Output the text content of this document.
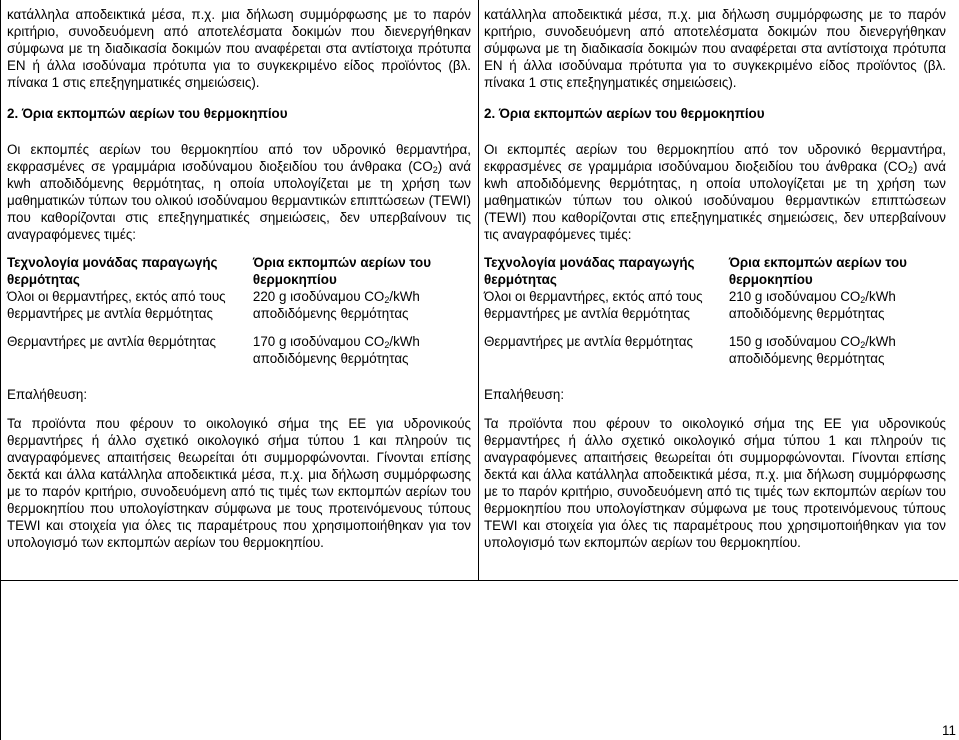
κατάλληλα αποδεικτικά μέσα, π.χ. μια δήλωση συμμόρφωσης με το παρόν κριτήριο, συνοδευόμενη από αποτελέσματα δοκιμών που διενεργήθηκαν σύμφωνα με τη διαδικασία δοκιμών που αναφέρεται στα αντίστοιχα πρότυπα EN ή άλλα ισοδύναμα πρότυπα για το συγκεκριμένο είδος προϊόντος (βλ. πίνακα 1 στις επεξηγηματικές σημειώσεις).

2. Όρια εκπομπών αερίων του θερμοκηπίου

Οι εκπομπές αερίων του θερμοκηπίου από τον υδρονικό θερμαντήρα, εκφρασμένες σε γραμμάρια ισοδύναμου διοξειδίου του άνθρακα $(CO_2)$ ανά kwh αποδιδόμενης θερμότητας, η οποία υπολογίζεται με τη χρήση των μαθηματικών τύπων του ολικού ισοδύναμου θερμαντικών επιπτώσεων (TEWI) που καθορίζονται στις επεξηγηματικές σημειώσεις, δεν υπερβαίνουν τις αναγραφόμενες τιμές:

Τεχνολογία μονάδας παραγωγής θερμότητας	Όρια εκπομπών αερίων του θερμοκηπίου
Όλοι οι θερμαντήρες, εκτός από τους θερμαντήρες με αντλία θερμότητας	220 g ισοδύναμου $CO_2$/kWh αποδιδόμενης θερμότητας
Θερμαντήρες με αντλία θερμότητας	170 g ισοδύναμου $CO_2$/kWh αποδιδόμενης θερμότητας

Επαλήθευση:

Τα προϊόντα που φέρουν το οικολογικό σήμα της ΕΕ για υδρονικούς θερμαντήρες ή άλλο σχετικό οικολογικό σήμα τύπου 1 και πληρούν τις αναγραφόμενες απαιτήσεις θεωρείται ότι συμμορφώνονται. Γίνονται επίσης δεκτά και άλλα κατάλληλα αποδεικτικά μέσα, π.χ. μια δήλωση συμμόρφωσης με το παρόν κριτήριο, συνοδευόμενη από τις τιμές των εκπομπών αερίων του θερμοκηπίου που υπολογίστηκαν σύμφωνα με τους προτεινόμενους τύπους TEWI και στοιχεία για όλες τις παραμέτρους που χρησιμοποιήθηκαν για τον υπολογισμό των εκπομπών αερίων του θερμοκηπίου.

κατάλληλα αποδεικτικά μέσα, π.χ. μια δήλωση συμμόρφωσης με το παρόν κριτήριο, συνοδευόμενη από αποτελέσματα δοκιμών που διενεργήθηκαν σύμφωνα με τη διαδικασία δοκιμών που αναφέρεται στα αντίστοιχα πρότυπα EN ή άλλα ισοδύναμα πρότυπα για το συγκεκριμένο είδος προϊόντος (βλ. πίνακα 1 στις επεξηγηματικές σημειώσεις).

2. Όρια εκπομπών αερίων του θερμοκηπίου

Οι εκπομπές αερίων του θερμοκηπίου από τον υδρονικό θερμαντήρα, εκφρασμένες σε γραμμάρια ισοδύναμου διοξειδίου του άνθρακα $(CO_2)$ ανά kwh αποδιδόμενης θερμότητας, η οποία υπολογίζεται με τη χρήση των μαθηματικών τύπων του ολικού ισοδύναμου θερμαντικών επιπτώσεων (TEWI) που καθορίζονται στις επεξηγηματικές σημειώσεις, δεν υπερβαίνουν τις αναγραφόμενες τιμές:

Τεχνολογία μονάδας παραγωγής θερμότητας	Όρια εκπομπών αερίων του θερμοκηπίου
Όλοι οι θερμαντήρες, εκτός από τους θερμαντήρες με αντλία θερμότητας	210 g ισοδύναμου $CO_2$/kWh αποδιδόμενης θερμότητας
Θερμαντήρες με αντλία θερμότητας	150 g ισοδύναμου $CO_2$/kWh αποδιδόμενης θερμότητας

Επαλήθευση:

Τα προϊόντα που φέρουν το οικολογικό σήμα της ΕΕ για υδρονικούς θερμαντήρες ή άλλο σχετικό οικολογικό σήμα τύπου 1 και πληρούν τις αναγραφόμενες απαιτήσεις θεωρείται ότι συμμορφώνονται. Γίνονται επίσης δεκτά και άλλα κατάλληλα αποδεικτικά μέσα, π.χ. μια δήλωση συμμόρφωσης με το παρόν κριτήριο, συνοδευόμενη από τις τιμές των εκπομπών αερίων του θερμοκηπίου που υπολογίστηκαν σύμφωνα με τους προτεινόμενους τύπους TEWI και στοιχεία για όλες τις παραμέτρους που χρησιμοποιήθηκαν για τον υπολογισμό των εκπομπών αερίων του θερμοκηπίου.

11
